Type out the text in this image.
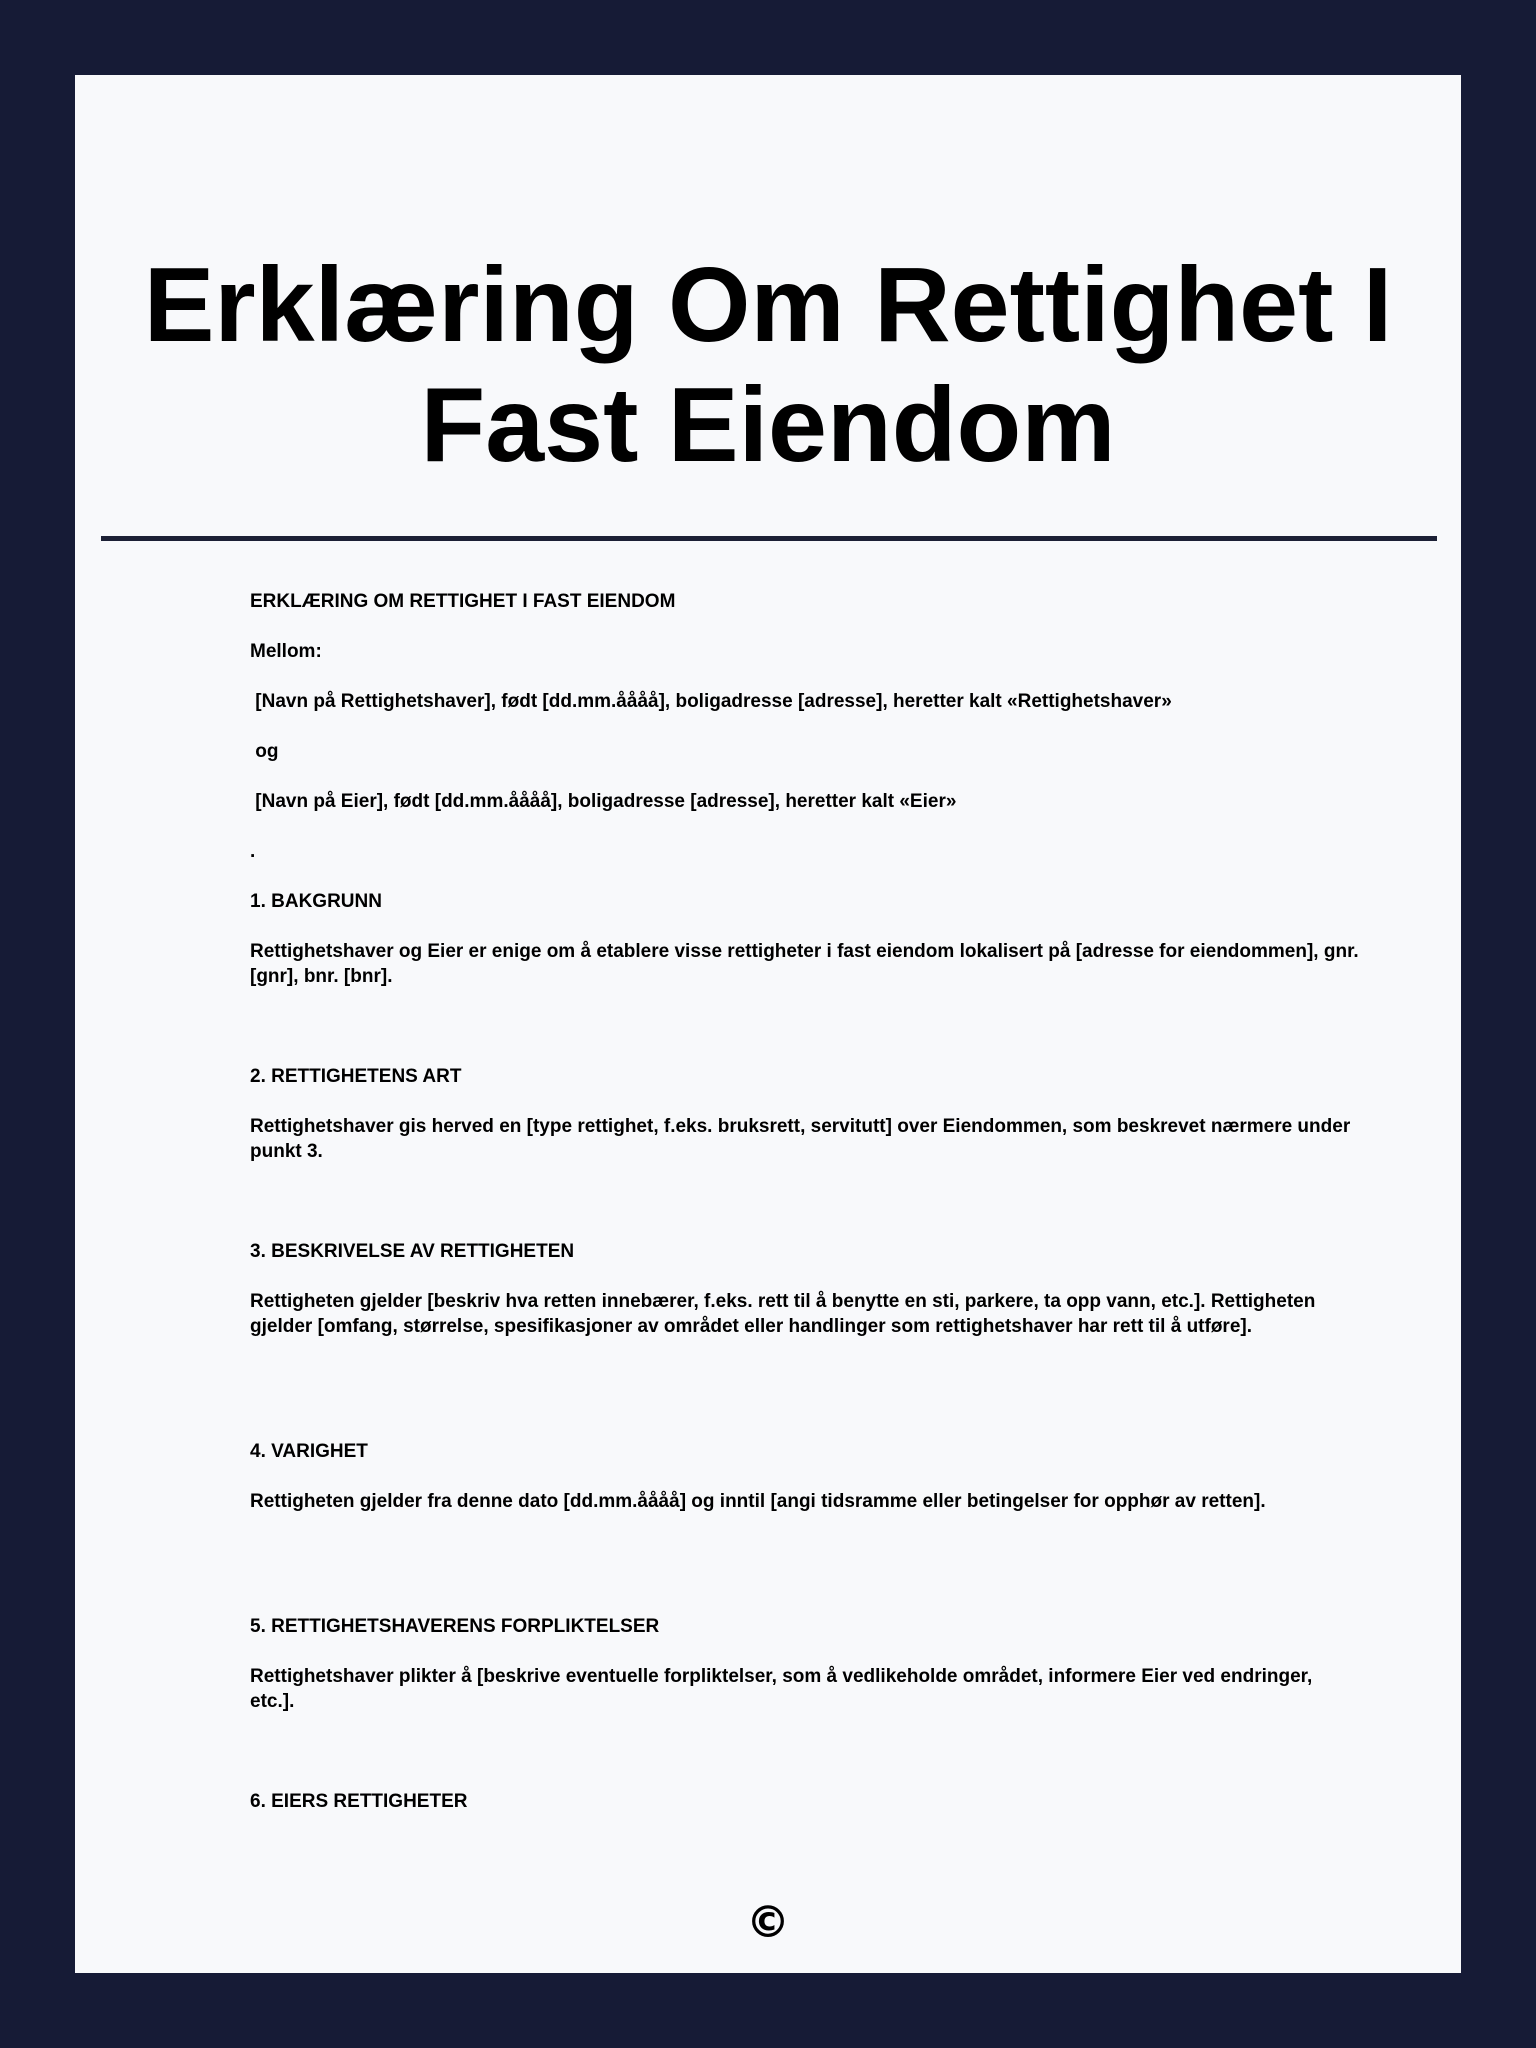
Erklæring Om Rettighet I Fast Eiendom

ERKLÆRING OM RETTIGHET I FAST EIENDOM

Mellom:

[Navn på Rettighetshaver], født [dd.mm.åååå], boligadresse [adresse], heretter kalt «Rettighetshaver»

og

[Navn på Eier], født [dd.mm.åååå], boligadresse [adresse], heretter kalt «Eier»

.

1. BAKGRUNN

Rettighetshaver og Eier er enige om å etablere visse rettigheter i fast eiendom lokalisert på [adresse for eiendommen], gnr. [gnr], bnr. [bnr].

2. RETTIGHETENS ART

Rettighetshaver gis herved en [type rettighet, f.eks. bruksrett, servitutt] over Eiendommen, som beskrevet nærmere under punkt 3.

3. BESKRIVELSE AV RETTIGHETEN

Rettigheten gjelder [beskriv hva retten innebærer, f.eks. rett til å benytte en sti, parkere, ta opp vann, etc.]. Rettigheten gjelder [omfang, størrelse, spesifikasjoner av området eller handlinger som rettighetshaver har rett til å utføre].

4. VARIGHET

Rettigheten gjelder fra denne dato [dd.mm.åååå] og inntil [angi tidsramme eller betingelser for opphør av retten].

5. RETTIGHETSHAVERENS FORPLIKTELSER

Rettighetshaver plikter å [beskrive eventuelle forpliktelser, som å vedlikeholde området, informere Eier ved endringer, etc.].

6. EIERS RETTIGHETER

©
